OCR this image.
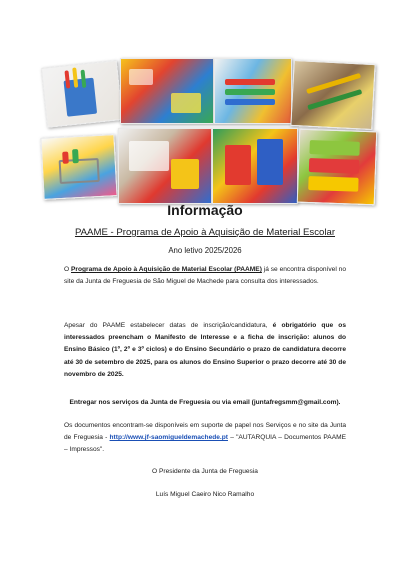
Informação
PAAME - Programa de Apoio à Aquisição de Material Escolar
Ano letivo 2025/2026
O Programa de Apoio à Aquisição de Material Escolar (PAAME) já se encontra disponível no site da Junta de Freguesia de São Miguel de Machede para consulta dos interessados.
Apesar do PAAME estabelecer datas de inscrição/candidatura, é obrigatório que os interessados preencham o Manifesto de Interesse e a ficha de inscrição: alunos do Ensino Básico (1º, 2º e 3º ciclos) e do Ensino Secundário o prazo de candidatura decorre até 30 de setembro de 2025, para os alunos do Ensino Superior o prazo decorre até 30 de novembro de 2025.
Entregar nos serviços da Junta de Freguesia ou via email (juntafregsmm@gmail.com).
Os documentos encontram-se disponíveis em suporte de papel nos Serviços e no site da Junta de Freguesia - http://www.jf-saomigueldemachede.pt – "AUTARQUIA – Documentos PAAME – Impressos".
O Presidente da Junta de Freguesia
Luís Miguel Caeiro Nico Ramalho
